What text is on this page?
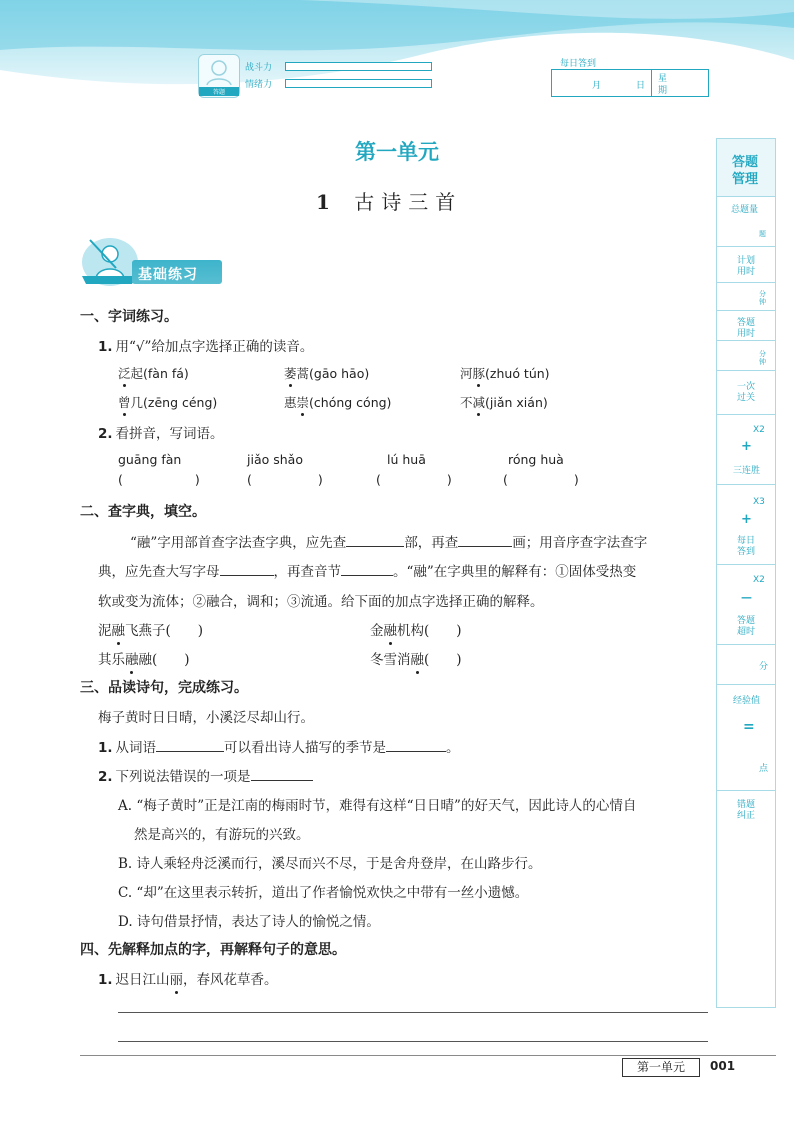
答题
战斗力
情绪力
每日答到
月	日
星
期
第一单元
1 古诗三首
基础练习
一、字词练习。
1. 用“√”给加点字选择正确的读音。
泛起(fàn fá)	萎蒿(gāo hāo)	河豚(zhuó tún)
曾几(zēng céng)	惠崇(chóng cóng)	不减(jiǎn xián)
2. 看拼音，写词语。
guāng fàn	jiǎo shǎo	lú huā	róng huà
(	)	(	)	(	)	(	)
二、查字典，填空。
“融”字用部首查字法查字典，应先查	部，再查	画；用音序查字法查字
典，应先查大写字母	，再查音节	。“融”在字典里的解释有：①固体受热变
软或变为流体；②融合，调和；③流通。给下面的加点字选择正确的解释。
泥融飞燕子(　　)	金融机构(　　)
其乐融融(　　)	冬雪消融(　　)
三、品读诗句，完成练习。
梅子黄时日日晴，小溪泛尽却山行。
1. 从词语	可以看出诗人描写的季节是	。
2. 下列说法错误的一项是
A. “梅子黄时”正是江南的梅雨时节，难得有这样“日日晴”的好天气，因此诗人的心情自
然是高兴的，有游玩的兴致。
B. 诗人乘轻舟泛溪而行，溪尽而兴不尽，于是舍舟登岸，在山路步行。
C. “却”在这里表示转折，道出了作者愉悦欢快之中带有一丝小遗憾。
D. 诗句借景抒情，表达了诗人的愉悦之情。
四、先解释加点的字，再解释句子的意思。
1. 迟日江山丽，春风花草香。
答题
管理
总题量
题
计划
用时
分
钟
答题
用时
分
钟
一次
过关
X2
+
三连胜
X3
+
每日
答到
X2
—
答题
超时
分
经验值
=
点
错题
纠正
第一单元	001
